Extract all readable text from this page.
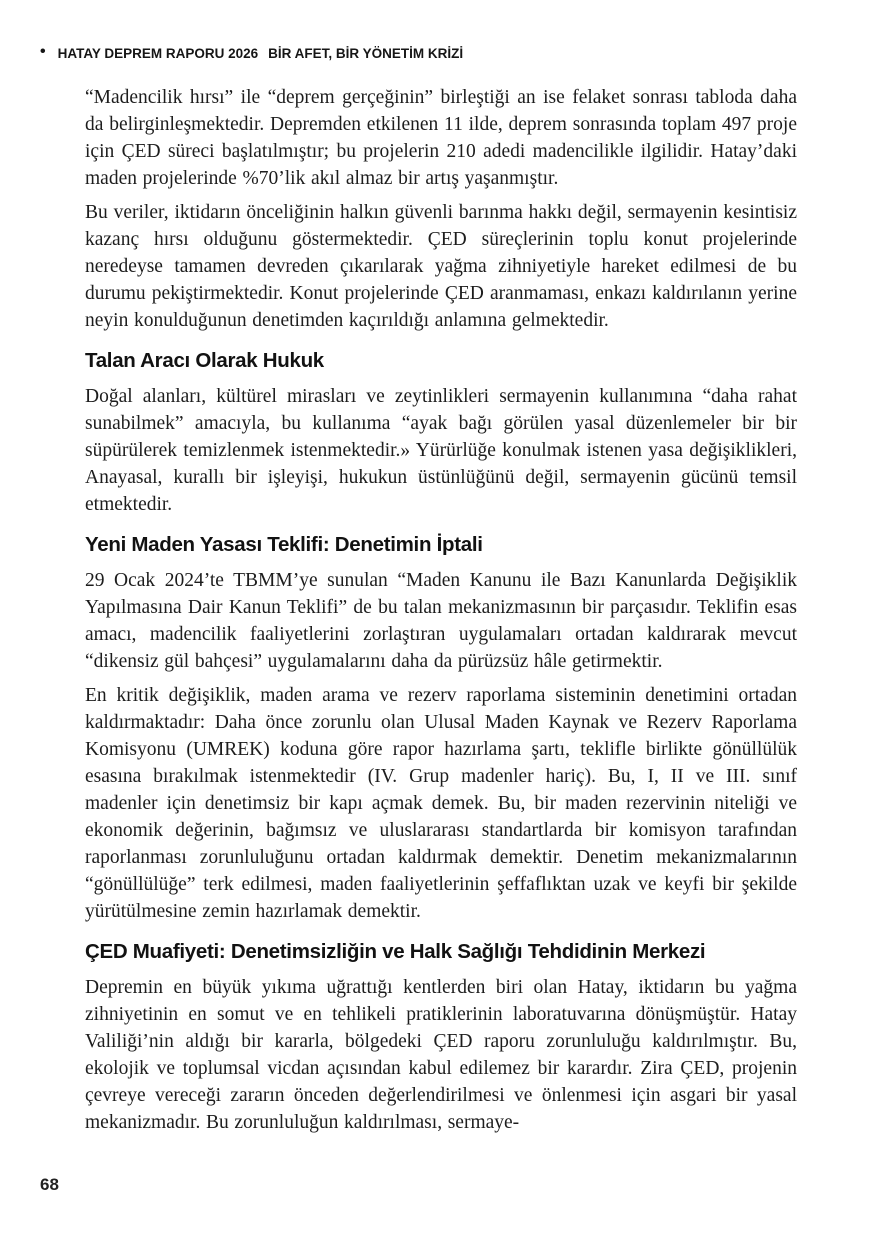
• HATAY DEPREM RAPORU 2026 BİR AFET, BİR YÖNETİM KRİZİ

“Madencilik hırsı” ile “deprem gerçeğinin” birleştiği an ise felaket sonrası tabloda daha da belirginleşmektedir. Depremden etkilenen 11 ilde, deprem sonrasında toplam 497 proje için ÇED süreci başlatılmıştır; bu projelerin 210 adedi madencilikle ilgilidir. Hatay’daki maden projelerinde %70’lik akıl almaz bir artış yaşanmıştır.

Bu veriler, iktidarın önceliğinin halkın güvenli barınma hakkı değil, sermayenin kesintisiz kazanç hırsı olduğunu göstermektedir. ÇED süreçlerinin toplu konut projelerinde neredeyse tamamen devreden çıkarılarak yağma zihniyetiyle hareket edilmesi de bu durumu pekiştirmektedir. Konut projelerinde ÇED aranmaması, enkazı kaldırılanın yerine neyin konulduğunun denetimden kaçırıldığı anlamına gelmektedir.

Talan Aracı Olarak Hukuk

Doğal alanları, kültürel mirasları ve zeytinlikleri sermayenin kullanımına “daha rahat sunabilmek” amacıyla, bu kullanıma “ayak bağı görülen yasal düzenlemeler bir bir süpürülerek temizlenmek istenmektedir.» Yürürlüğe konulmak istenen yasa değişiklikleri, Anayasal, kurallı bir işleyişi, hukukun üstünlüğünü değil, sermayenin gücünü temsil etmektedir.

Yeni Maden Yasası Teklifi: Denetimin İptali

29 Ocak 2024’te TBMM’ye sunulan “Maden Kanunu ile Bazı Kanunlarda Değişiklik Yapılmasına Dair Kanun Teklifi” de bu talan mekanizmasının bir parçasıdır. Teklifin esas amacı, madencilik faaliyetlerini zorlaştıran uygulamaları ortadan kaldırarak mevcut “dikensiz gül bahçesi” uygulamalarını daha da pürüzsüz hâle getirmektir.

En kritik değişiklik, maden arama ve rezerv raporlama sisteminin denetimini ortadan kaldırmaktadır: Daha önce zorunlu olan Ulusal Maden Kaynak ve Rezerv Raporlama Komisyonu (UMREK) koduna göre rapor hazırlama şartı, teklifle birlikte gönüllülük esasına bırakılmak istenmektedir (IV. Grup madenler hariç). Bu, I, II ve III. sınıf madenler için denetimsiz bir kapı açmak demek. Bu, bir maden rezervinin niteliği ve ekonomik değerinin, bağımsız ve uluslararası standartlarda bir komisyon tarafından raporlanması zorunluluğunu ortadan kaldırmak demektir. Denetim mekanizmalarının “gönüllülüğe” terk edilmesi, maden faaliyetlerinin şeffaflıktan uzak ve keyfi bir şekilde yürütülmesine zemin hazırlamak demektir.

ÇED Muafiyeti: Denetimsizliğin ve Halk Sağlığı Tehdidinin Merkezi

Depremin en büyük yıkıma uğrattığı kentlerden biri olan Hatay, iktidarın bu yağma zihniyetinin en somut ve en tehlikeli pratiklerinin laboratuvarına dönüşmüştür. Hatay Valiliği’nin aldığı bir kararla, bölgedeki ÇED raporu zorunluluğu kaldırılmıştır. Bu, ekolojik ve toplumsal vicdan açısından kabul edilemez bir karardır. Zira ÇED, projenin çevreye vereceği zararın önceden değerlendirilmesi ve önlenmesi için asgari bir yasal mekanizmadır. Bu zorunluluğun kaldırılması, sermaye-

68
